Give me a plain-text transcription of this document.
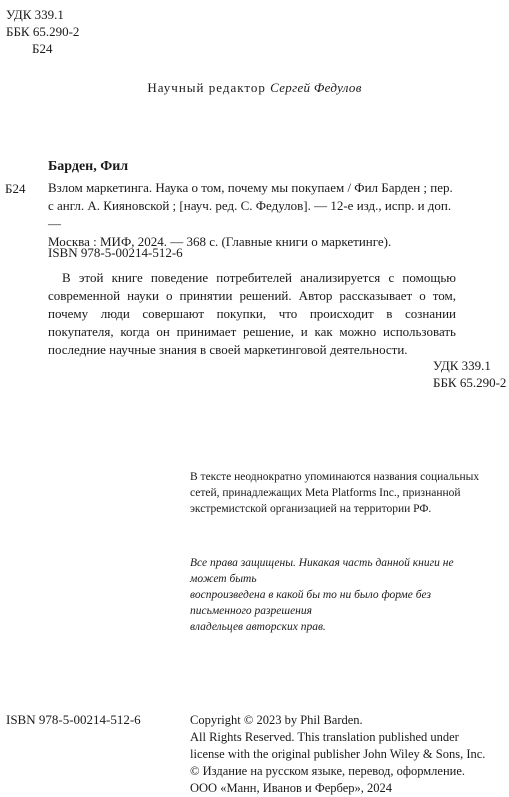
УДК 339.1
ББК 65.290-2
Б24
Научный редактор Сергей Федулов
Барден, Фил
Б24 Взлом маркетинга. Наука о том, почему мы покупаем / Фил Барден ; пер.
с англ. А. Кияновской ; [науч. ред. С. Федулов]. — 12-е изд., испр. и доп. —
Москва : МИФ, 2024. — 368 с. (Главные книги о маркетинге).
ISBN 978-5-00214-512-6
В этой книге поведение потребителей анализируется с помощью современной науки о принятии решений. Автор рассказывает о том, почему люди совершают покупки, что происходит в сознании покупателя, когда он принимает решение, и как можно использовать последние научные знания в своей маркетинговой деятельности.
УДК 339.1
ББК 65.290-2
В тексте неоднократно упоминаются названия социальных
сетей, принадлежащих Meta Platforms Inc., признанной
экстремистской организацией на территории РФ.
Все права защищены. Никакая часть данной книги не может быть
воспроизведена в какой бы то ни было форме без письменного разрешения
владельцев авторских прав.
ISBN 978-5-00214-512-6	Copyright © 2023 by Phil Barden.
All Rights Reserved. This translation published under
license with the original publisher John Wiley & Sons, Inc.
© Издание на русском языке, перевод, оформление.
ООО «Манн, Иванов и Фербер», 2024
